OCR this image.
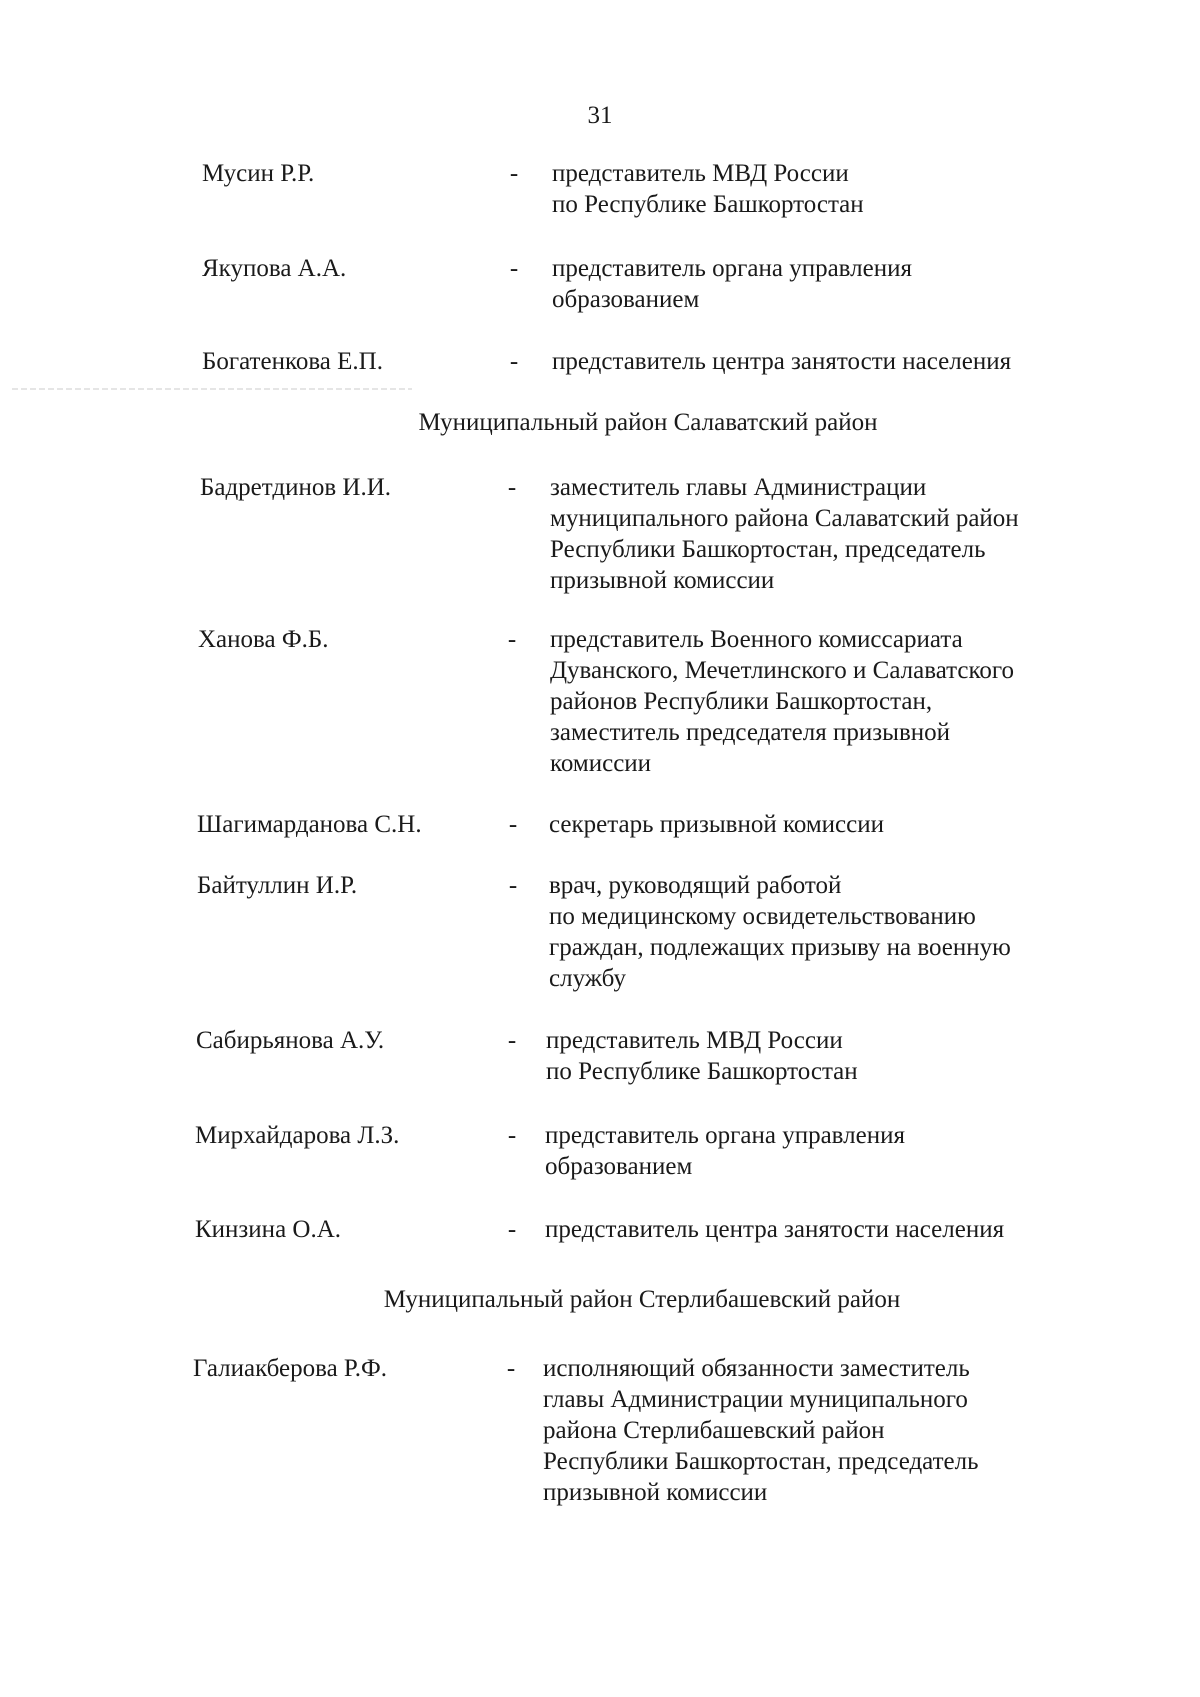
31
Мусин Р.Р.	- представитель МВД России
по Республике Башкортостан
Якупова А.А.	- представитель органа управления
образованием
Богатенкова Е.П.	- представитель центра занятости населения
Муниципальный район Салаватский район
Бадретдинов И.И.	- заместитель главы Администрации
муниципального района Салаватский район
Республики Башкортостан, председатель
призывной комиссии
Ханова Ф.Б.	- представитель Военного комиссариата
Дуванского, Мечетлинского и Салаватского
районов Республики Башкортостан,
заместитель председателя призывной
комиссии
Шагимарданова С.Н.	- секретарь призывной комиссии
Байтуллин И.Р.	- врач, руководящий работой
по медицинскому освидетельствованию
граждан, подлежащих призыву на военную
службу
Сабирьянова А.У.	- представитель МВД России
по Республике Башкортостан
Мирхайдарова Л.З.	- представитель органа управления
образованием
Кинзина О.А.	- представитель центра занятости населения
Муниципальный район Стерлибашевский район
Галиакберова Р.Ф.	- исполняющий обязанности заместитель
главы Администрации муниципального
района Стерлибашевский район
Республики Башкортостан, председатель
призывной комиссии
